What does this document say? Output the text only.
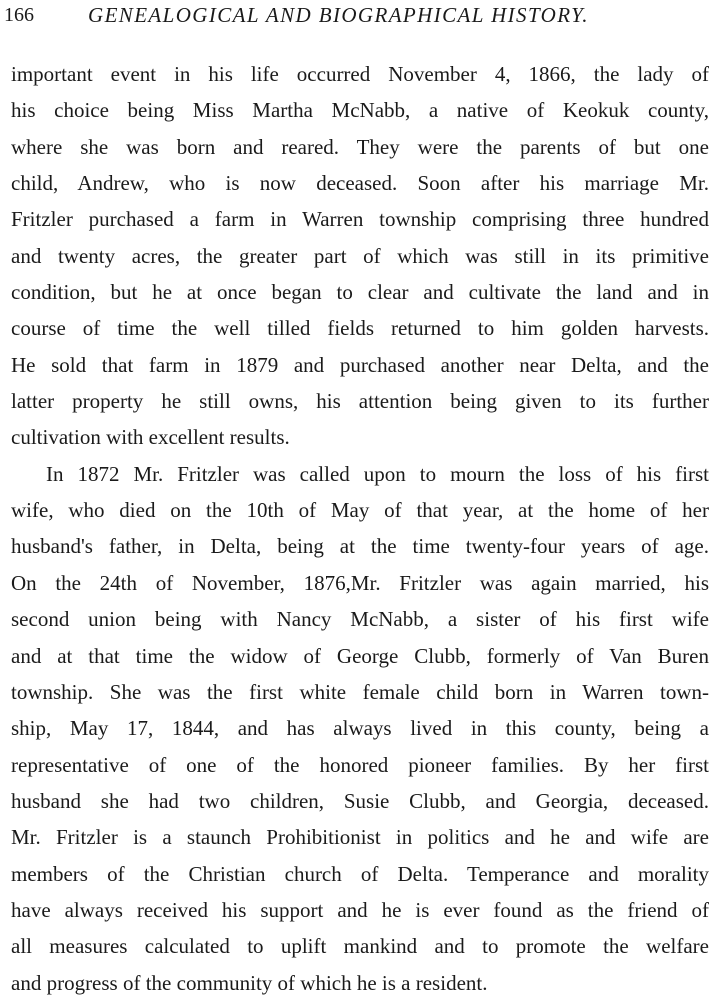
166	GENEALOGICAL AND BIOGRAPHICAL HISTORY.
important event in his life occurred November 4, 1866, the lady of
his choice being Miss Martha McNabb, a native of Keokuk county,
where she was born and reared. They were the parents of but one
child, Andrew, who is now deceased. Soon after his marriage Mr.
Fritzler purchased a farm in Warren township comprising three hundred
and twenty acres, the greater part of which was still in its primitive
condition, but he at once began to clear and cultivate the land and in
course of time the well tilled fields returned to him golden harvests.
He sold that farm in 1879 and purchased another near Delta, and the
latter property he still owns, his attention being given to its further
cultivation with excellent results.
In 1872 Mr. Fritzler was called upon to mourn the loss of his first
wife, who died on the 10th of May of that year, at the home of her
husband's father, in Delta, being at the time twenty-four years of age.
On the 24th of November, 1876,Mr. Fritzler was again married, his
second union being with Nancy McNabb, a sister of his first wife
and at that time the widow of George Clubb, formerly of Van Buren
township. She was the first white female child born in Warren town-
ship, May 17, 1844, and has always lived in this county, being a
representative of one of the honored pioneer families. By her first
husband she had two children, Susie Clubb, and Georgia, deceased.
Mr. Fritzler is a staunch Prohibitionist in politics and he and wife are
members of the Christian church of Delta. Temperance and morality
have always received his support and he is ever found as the friend of
all measures calculated to uplift mankind and to promote the welfare
and progress of the community of which he is a resident.
